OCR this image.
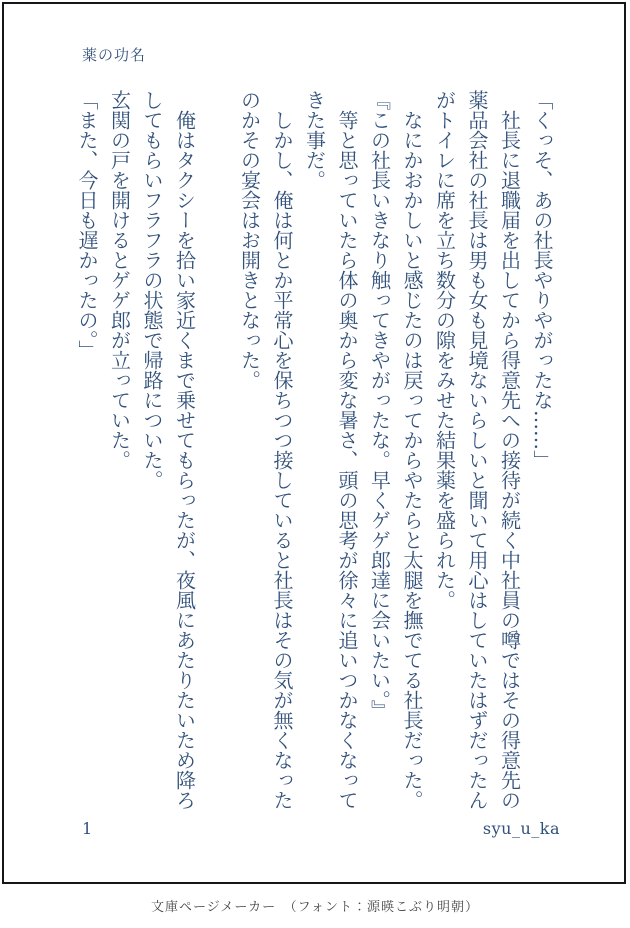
薬の功名

「くっそ、あの社長やりやがったな……」

　社長に退職届を出してから得意先への接待が続く中社員の噂ではその得意先の薬品会社の社長は男も女も見境ないらしいと聞いて用心はしていたはずだったんがトイレに席を立ち数分の隙をみせた結果薬を盛られた。

　なにかおかしいと感じたのは戻ってからやたらと太腿を撫でてる社長だった。

『この社長いきなり触ってきやがったな。早くゲゲ郎達に会いたい。』

　等と思っていたら体の奥から変な暑さ、頭の思考が徐々に追いつかなくなってきた事だ。

　しかし、俺は何とか平常心を保ちつつ接していると社長はその気が無くなったのかその宴会はお開きとなった。

　俺はタクシーを拾い家近くまで乗せてもらったが、夜風にあたりたいため降ろしてもらいフラフラの状態で帰路についた。

玄関の戸を開けるとゲゲ郎が立っていた。

「また、今日も遅かったの。」

1	syu_u_ka
文庫ページメーカー　（フォント：源暎こぶり明朝）
